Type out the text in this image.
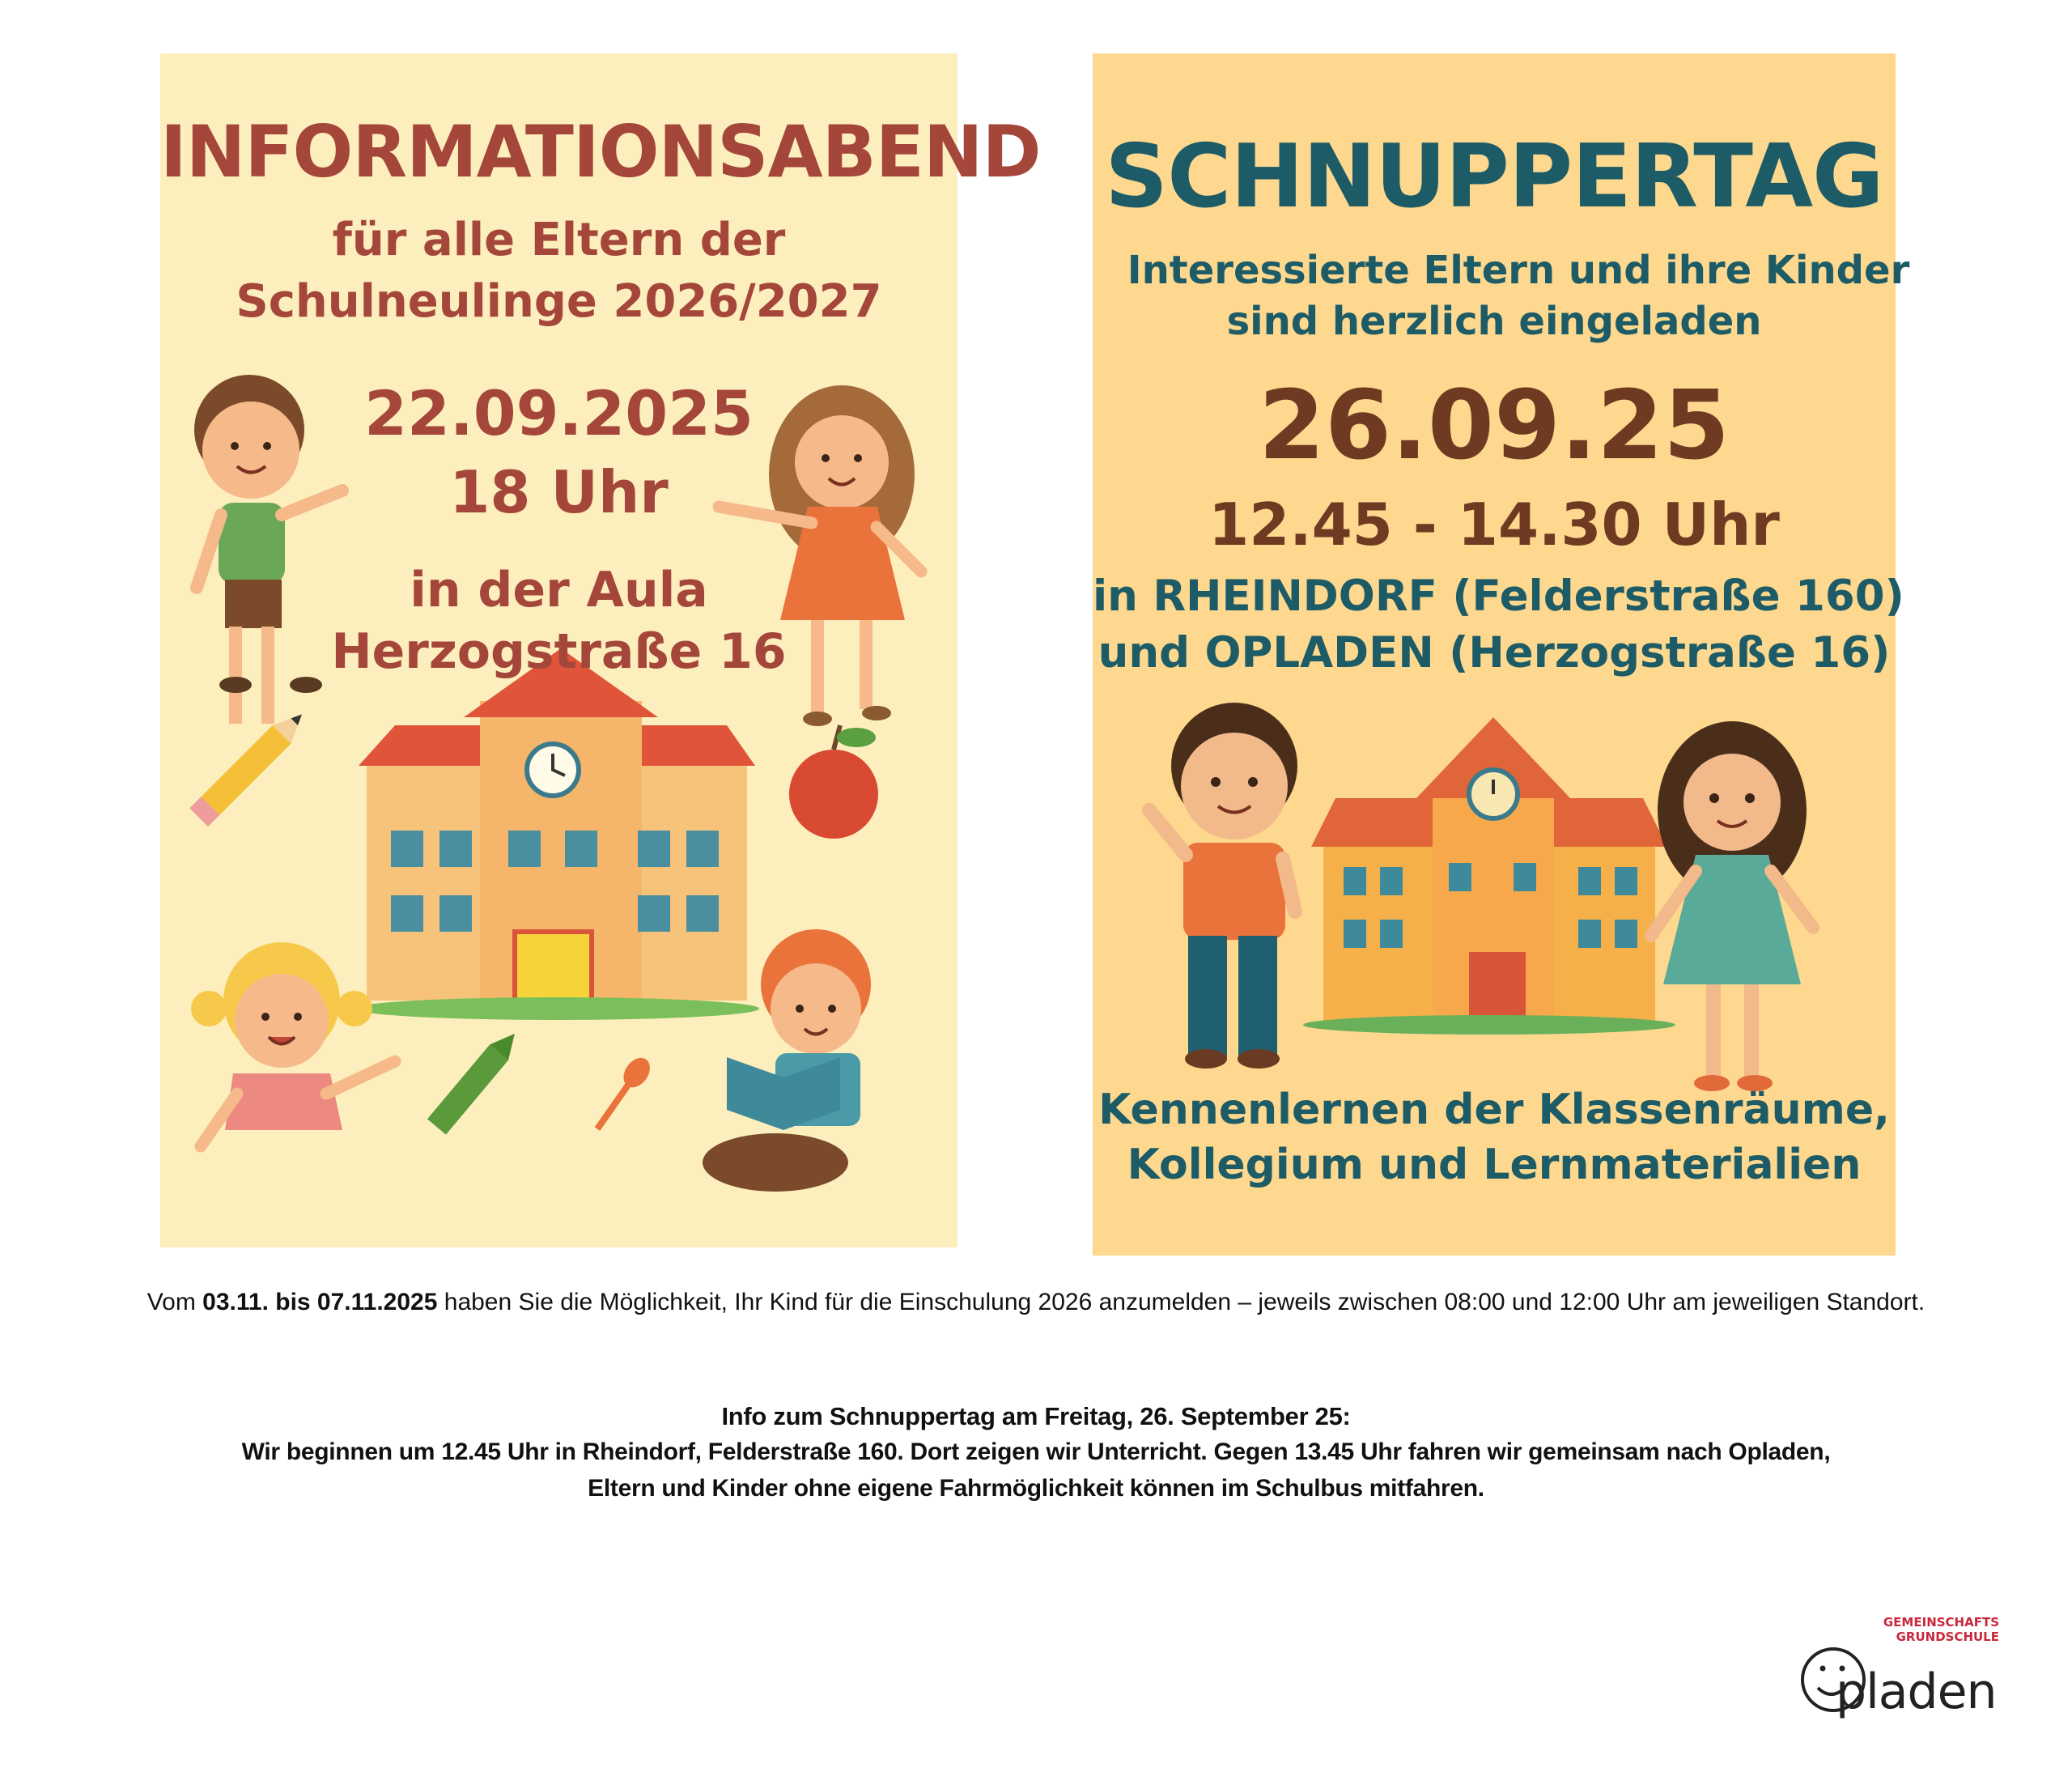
INFORMATIONSABEND
für alle Eltern der
Schulneulinge 2026/2027
22.09.2025
18 Uhr
in der Aula
Herzogstraße 16
SCHNUPPERTAG
Interessierte Eltern und ihre Kinder
sind herzlich eingeladen
26.09.25
12.45 - 14.30 Uhr
in RHEINDORF (Felderstraße 160)
und OPLADEN (Herzogstraße 16)
Kennenlernen der Klassenräume,
Kollegium und Lernmaterialien
Vom 03.11. bis 07.11.2025 haben Sie die Möglichkeit, Ihr Kind für die Einschulung 2026 anzumelden – jeweils zwischen 08:00 und 12:00 Uhr am jeweiligen Standort.
Info zum Schnuppertag am Freitag, 26. September 25:
Wir beginnen um 12.45 Uhr in Rheindorf, Felderstraße 160. Dort zeigen wir Unterricht. Gegen 13.45 Uhr fahren wir gemeinsam nach Opladen,
Eltern und Kinder ohne eigene Fahrmöglichkeit können im Schulbus mitfahren.
GEMEINSCHAFTS
GRUNDSCHULE
pladen
